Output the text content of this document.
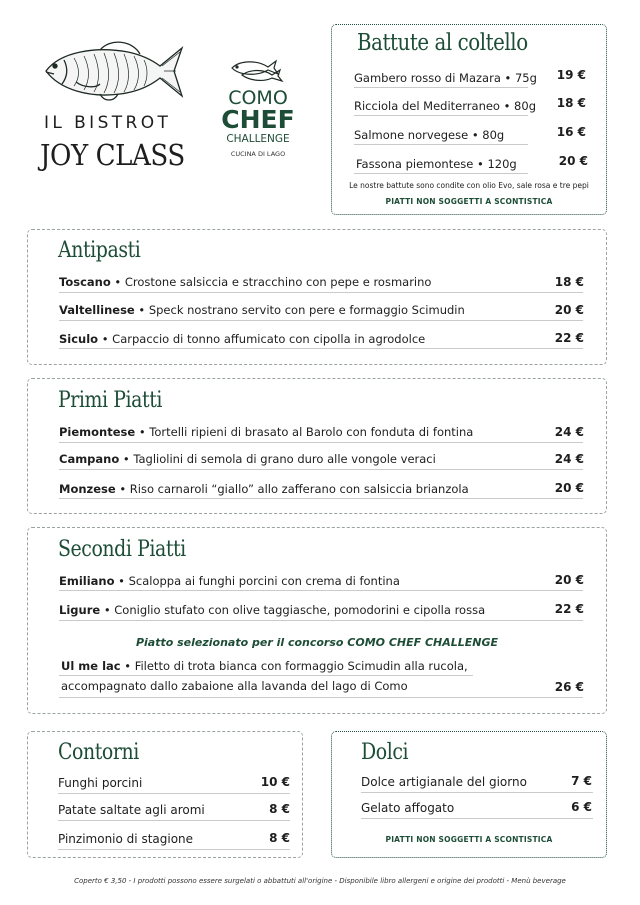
IL BISTROT
JOY CLASS
COMO
CHEF
CHALLENGE
CUCINA DI LAGO
Battute al coltello
Gambero rosso di Mazara • 75g	19 €
Ricciola del Mediterraneo • 80g	18 €
Salmone norvegese • 80g	16 €
Fassona piemontese • 120g	20 €
Le nostre battute sono condite con olio Evo, sale rosa e tre pepi
PIATTI NON SOGGETTI A SCONTISTICA
Antipasti
Toscano • Crostone salsiccia e stracchino con pepe e rosmarino	18 €
Valtellinese • Speck nostrano servito con pere e formaggio Scimudin	20 €
Siculo • Carpaccio di tonno affumicato con cipolla in agrodolce	22 €
Primi Piatti
Piemontese • Tortelli ripieni di brasato al Barolo con fonduta di fontina	24 €
Campano • Tagliolini di semola di grano duro alle vongole veraci	24 €
Monzese • Riso carnaroli “giallo” allo zafferano con salsiccia brianzola	20 €
Secondi Piatti
Emiliano • Scaloppa ai funghi porcini con crema di fontina	20 €
Ligure • Coniglio stufato con olive taggiasche, pomodorini e cipolla rossa	22 €
Piatto selezionato per il concorso COMO CHEF CHALLENGE
Ul me lac • Filetto di trota bianca con formaggio Scimudin alla rucola,
accompagnato dallo zabaione alla lavanda del lago di Como	26 €
Contorni
Funghi porcini	10 €
Patate saltate agli aromi	8 €
Pinzimonio di stagione	8 €
Dolci
Dolce artigianale del giorno	7 €
Gelato affogato	6 €
PIATTI NON SOGGETTI A SCONTISTICA
Coperto € 3,50 - I prodotti possono essere surgelati o abbattuti all'origine - Disponibile libro allergeni e origine dei prodotti - Menù beverage
